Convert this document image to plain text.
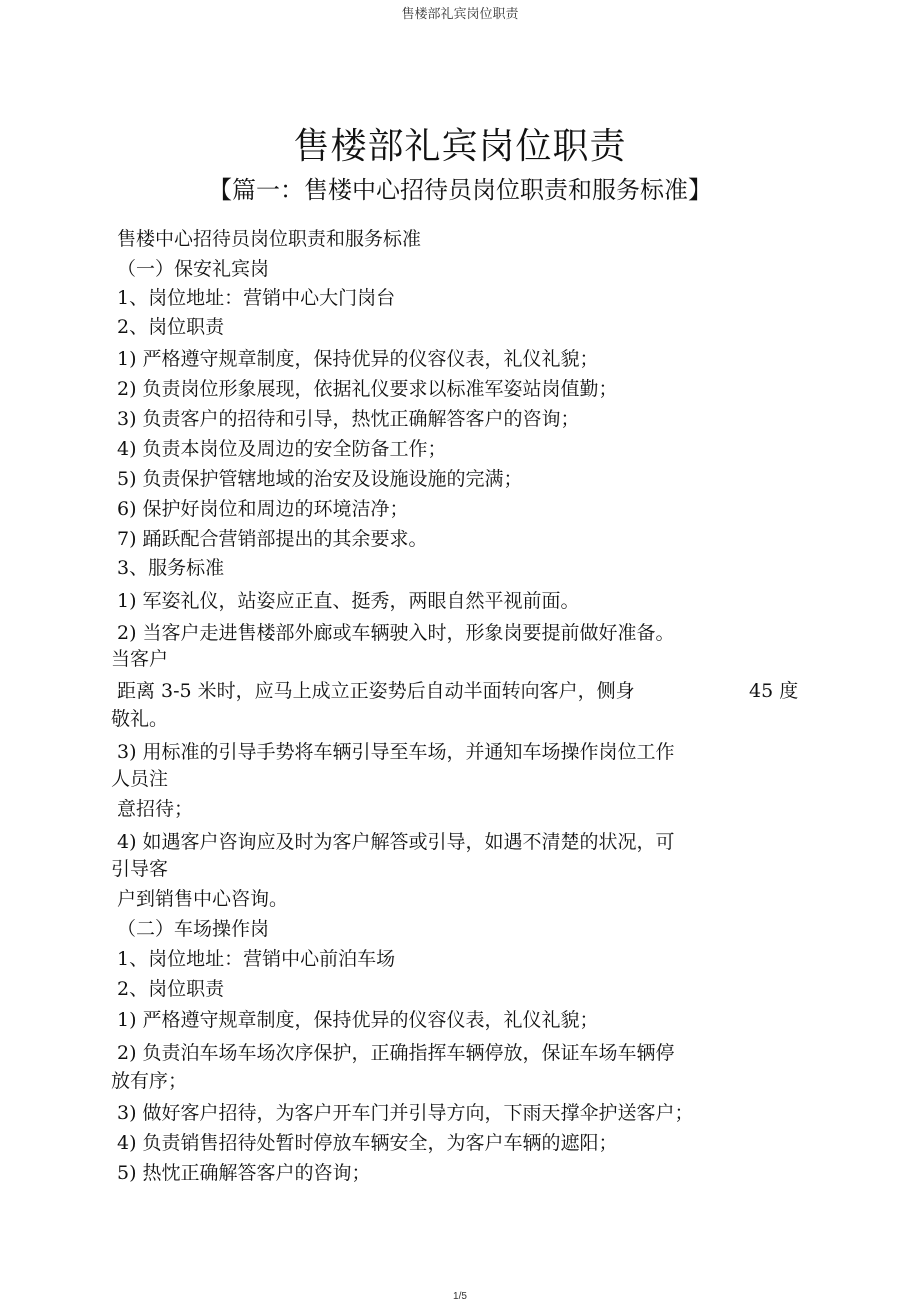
售楼部礼宾岗位职责
售楼部礼宾岗位职责
【篇一：售楼中心招待员岗位职责和服务标准】
售楼中心招待员岗位职责和服务标准
（一）保安礼宾岗
1、岗位地址：营销中心大门岗台
2、岗位职责
1) 严格遵守规章制度，保持优异的仪容仪表，礼仪礼貌；
2) 负责岗位形象展现，依据礼仪要求以标准军姿站岗值勤；
3) 负责客户的招待和引导，热忱正确解答客户的咨询；
4) 负责本岗位及周边的安全防备工作；
5) 负责保护管辖地域的治安及设施设施的完满；
6) 保护好岗位和周边的环境洁净；
7) 踊跃配合营销部提出的其余要求。
3、服务标准
1) 军姿礼仪，站姿应正直、挺秀，两眼自然平视前面。
2) 当客户走进售楼部外廊或车辆驶入时，形象岗要提前做好准备。
当客户
距离 3-5 米时，应马上成立正姿势后自动半面转向客户，侧身	45 度
敬礼。
3) 用标准的引导手势将车辆引导至车场，并通知车场操作岗位工作
人员注
意招待；
4) 如遇客户咨询应及时为客户解答或引导，如遇不清楚的状况，可
引导客
户到销售中心咨询。
（二）车场操作岗
1、岗位地址：营销中心前泊车场
2、岗位职责
1) 严格遵守规章制度，保持优异的仪容仪表，礼仪礼貌；
2) 负责泊车场车场次序保护，正确指挥车辆停放，保证车场车辆停
放有序；
3) 做好客户招待，为客户开车门并引导方向，下雨天撑伞护送客户；
4) 负责销售招待处暂时停放车辆安全，为客户车辆的遮阳；
5) 热忱正确解答客户的咨询；
1/5
